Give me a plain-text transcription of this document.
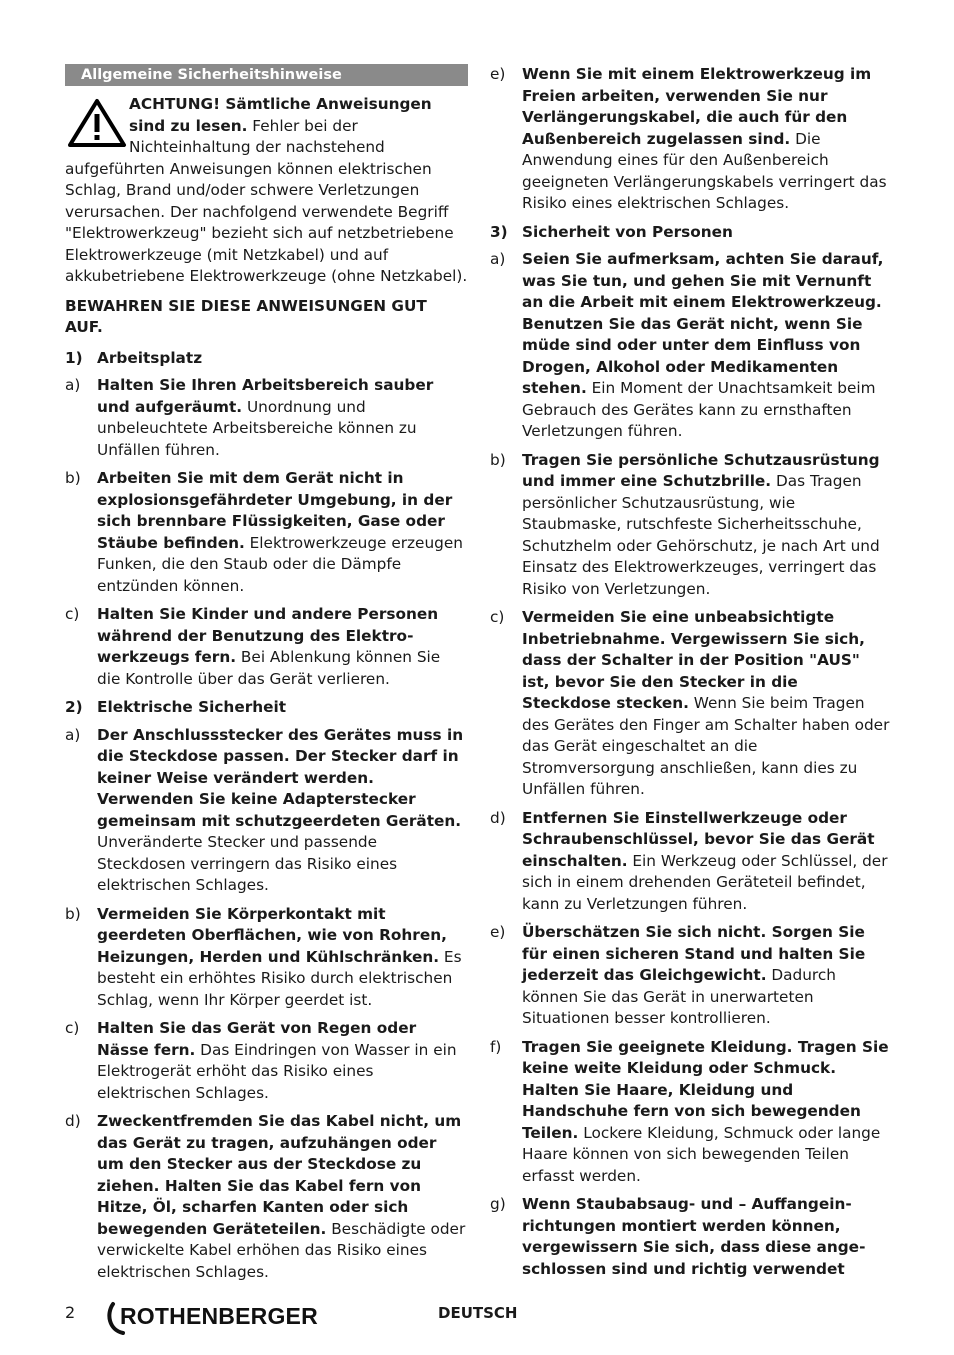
Allgemeine Sicherheitshinweise

ACHTUNG! Sämtliche Anweisungen sind zu lesen. Fehler bei der Nichteinhaltung der nachstehend aufgeführten Anweisungen können elektrischen Schlag, Brand und/oder schwere Verletzungen verursachen. Der nachfolgend verwendete Begriff "Elektrowerkzeug" bezieht sich auf netzbetriebene Elektrowerkzeuge (mit Netzkabel) und auf akkubetriebene Elektrowerkzeuge (ohne Netzkabel).

BEWAHREN SIE DIESE ANWEISUNGEN GUT AUF.

1) Arbeitsplatz
a)	Halten Sie Ihren Arbeitsbereich sauber und aufgeräumt. Unordnung und unbeleuchtete Arbeitsbereiche können zu Unfällen führen.
b)	Arbeiten Sie mit dem Gerät nicht in explosionsgefährdeter Umgebung, in der sich brennbare Flüssigkeiten, Gase oder Stäube befinden. Elektrowerkzeuge erzeugen Funken, die den Staub oder die Dämpfe entzünden können.
c)	Halten Sie Kinder und andere Personen während der Benutzung des Elektrowerkzeugs fern. Bei Ablenkung können Sie die Kontrolle über das Gerät verlieren.
2) Elektrische Sicherheit
a)	Der Anschlussstecker des Gerätes muss in die Steckdose passen. Der Stecker darf in keiner Weise verändert werden. Verwenden Sie keine Adapterstecker gemeinsam mit schutzgeerdeten Geräten. Unveränderte Stecker und passende Steckdosen verringern das Risiko eines elektrischen Schlages.
b)	Vermeiden Sie Körperkontakt mit geerdeten Oberflächen, wie von Rohren, Heizungen, Herden und Kühlschränken. Es besteht ein erhöhtes Risiko durch elektrischen Schlag, wenn Ihr Körper geerdet ist.
c)	Halten Sie das Gerät von Regen oder Nässe fern. Das Eindringen von Wasser in ein Elektrogerät erhöht das Risiko eines elektrischen Schlages.
d)	Zweckentfremden Sie das Kabel nicht, um das Gerät zu tragen, aufzuhängen oder um den Stecker aus der Steckdose zu ziehen. Halten Sie das Kabel fern von Hitze, Öl, scharfen Kanten oder sich bewegenden Geräteteilen. Beschädigte oder verwickelte Kabel erhöhen das Risiko eines elektrischen Schlages.
e)	Wenn Sie mit einem Elektrowerkzeug im Freien arbeiten, verwenden Sie nur Verlängerungskabel, die auch für den Außenbereich zugelassen sind. Die Anwendung eines für den Außenbereich geeigneten Verlängerungskabels verringert das Risiko eines elektrischen Schlages.
3) Sicherheit von Personen
a)	Seien Sie aufmerksam, achten Sie darauf, was Sie tun, und gehen Sie mit Vernunft an die Arbeit mit einem Elektrowerkzeug. Benutzen Sie das Gerät nicht, wenn Sie müde sind oder unter dem Einfluss von Drogen, Alkohol oder Medikamenten stehen. Ein Moment der Unachtsamkeit beim Gebrauch des Gerätes kann zu ernsthaften Verletzungen führen.
b)	Tragen Sie persönliche Schutzausrüstung und immer eine Schutzbrille. Das Tragen persönlicher Schutzausrüstung, wie Staubmaske, rutschfeste Sicherheitsschuhe, Schutzhelm oder Gehörschutz, je nach Art und Einsatz des Elektrowerkzeuges, verringert das Risiko von Verletzungen.
c)	Vermeiden Sie eine unbeabsichtigte Inbetriebnahme. Vergewissern Sie sich, dass der Schalter in der Position "AUS" ist, bevor Sie den Stecker in die Steckdose stecken. Wenn Sie beim Tragen des Gerätes den Finger am Schalter haben oder das Gerät eingeschaltet an die Stromversorgung anschließen, kann dies zu Unfällen führen.
d)	Entfernen Sie Einstellwerkzeuge oder Schraubenschlüssel, bevor Sie das Gerät einschalten. Ein Werkzeug oder Schlüssel, der sich in einem drehenden Geräteteil befindet, kann zu Verletzungen führen.
e)	Überschätzen Sie sich nicht. Sorgen Sie für einen sicheren Stand und halten Sie jederzeit das Gleichgewicht. Dadurch können Sie das Gerät in unerwarteten Situationen besser kontrollieren.
f)	Tragen Sie geeignete Kleidung. Tragen Sie keine weite Kleidung oder Schmuck. Halten Sie Haare, Kleidung und Handschuhe fern von sich bewegenden Teilen. Lockere Kleidung, Schmuck oder lange Haare können von sich bewegenden Teilen erfasst werden.
g)	Wenn Staubabsaug- und – Auffangeinrichtungen montiert werden können, vergewissern Sie sich, dass diese angeschlossen sind und richtig verwendet
2 ROTHENBERGER	DEUTSCH
